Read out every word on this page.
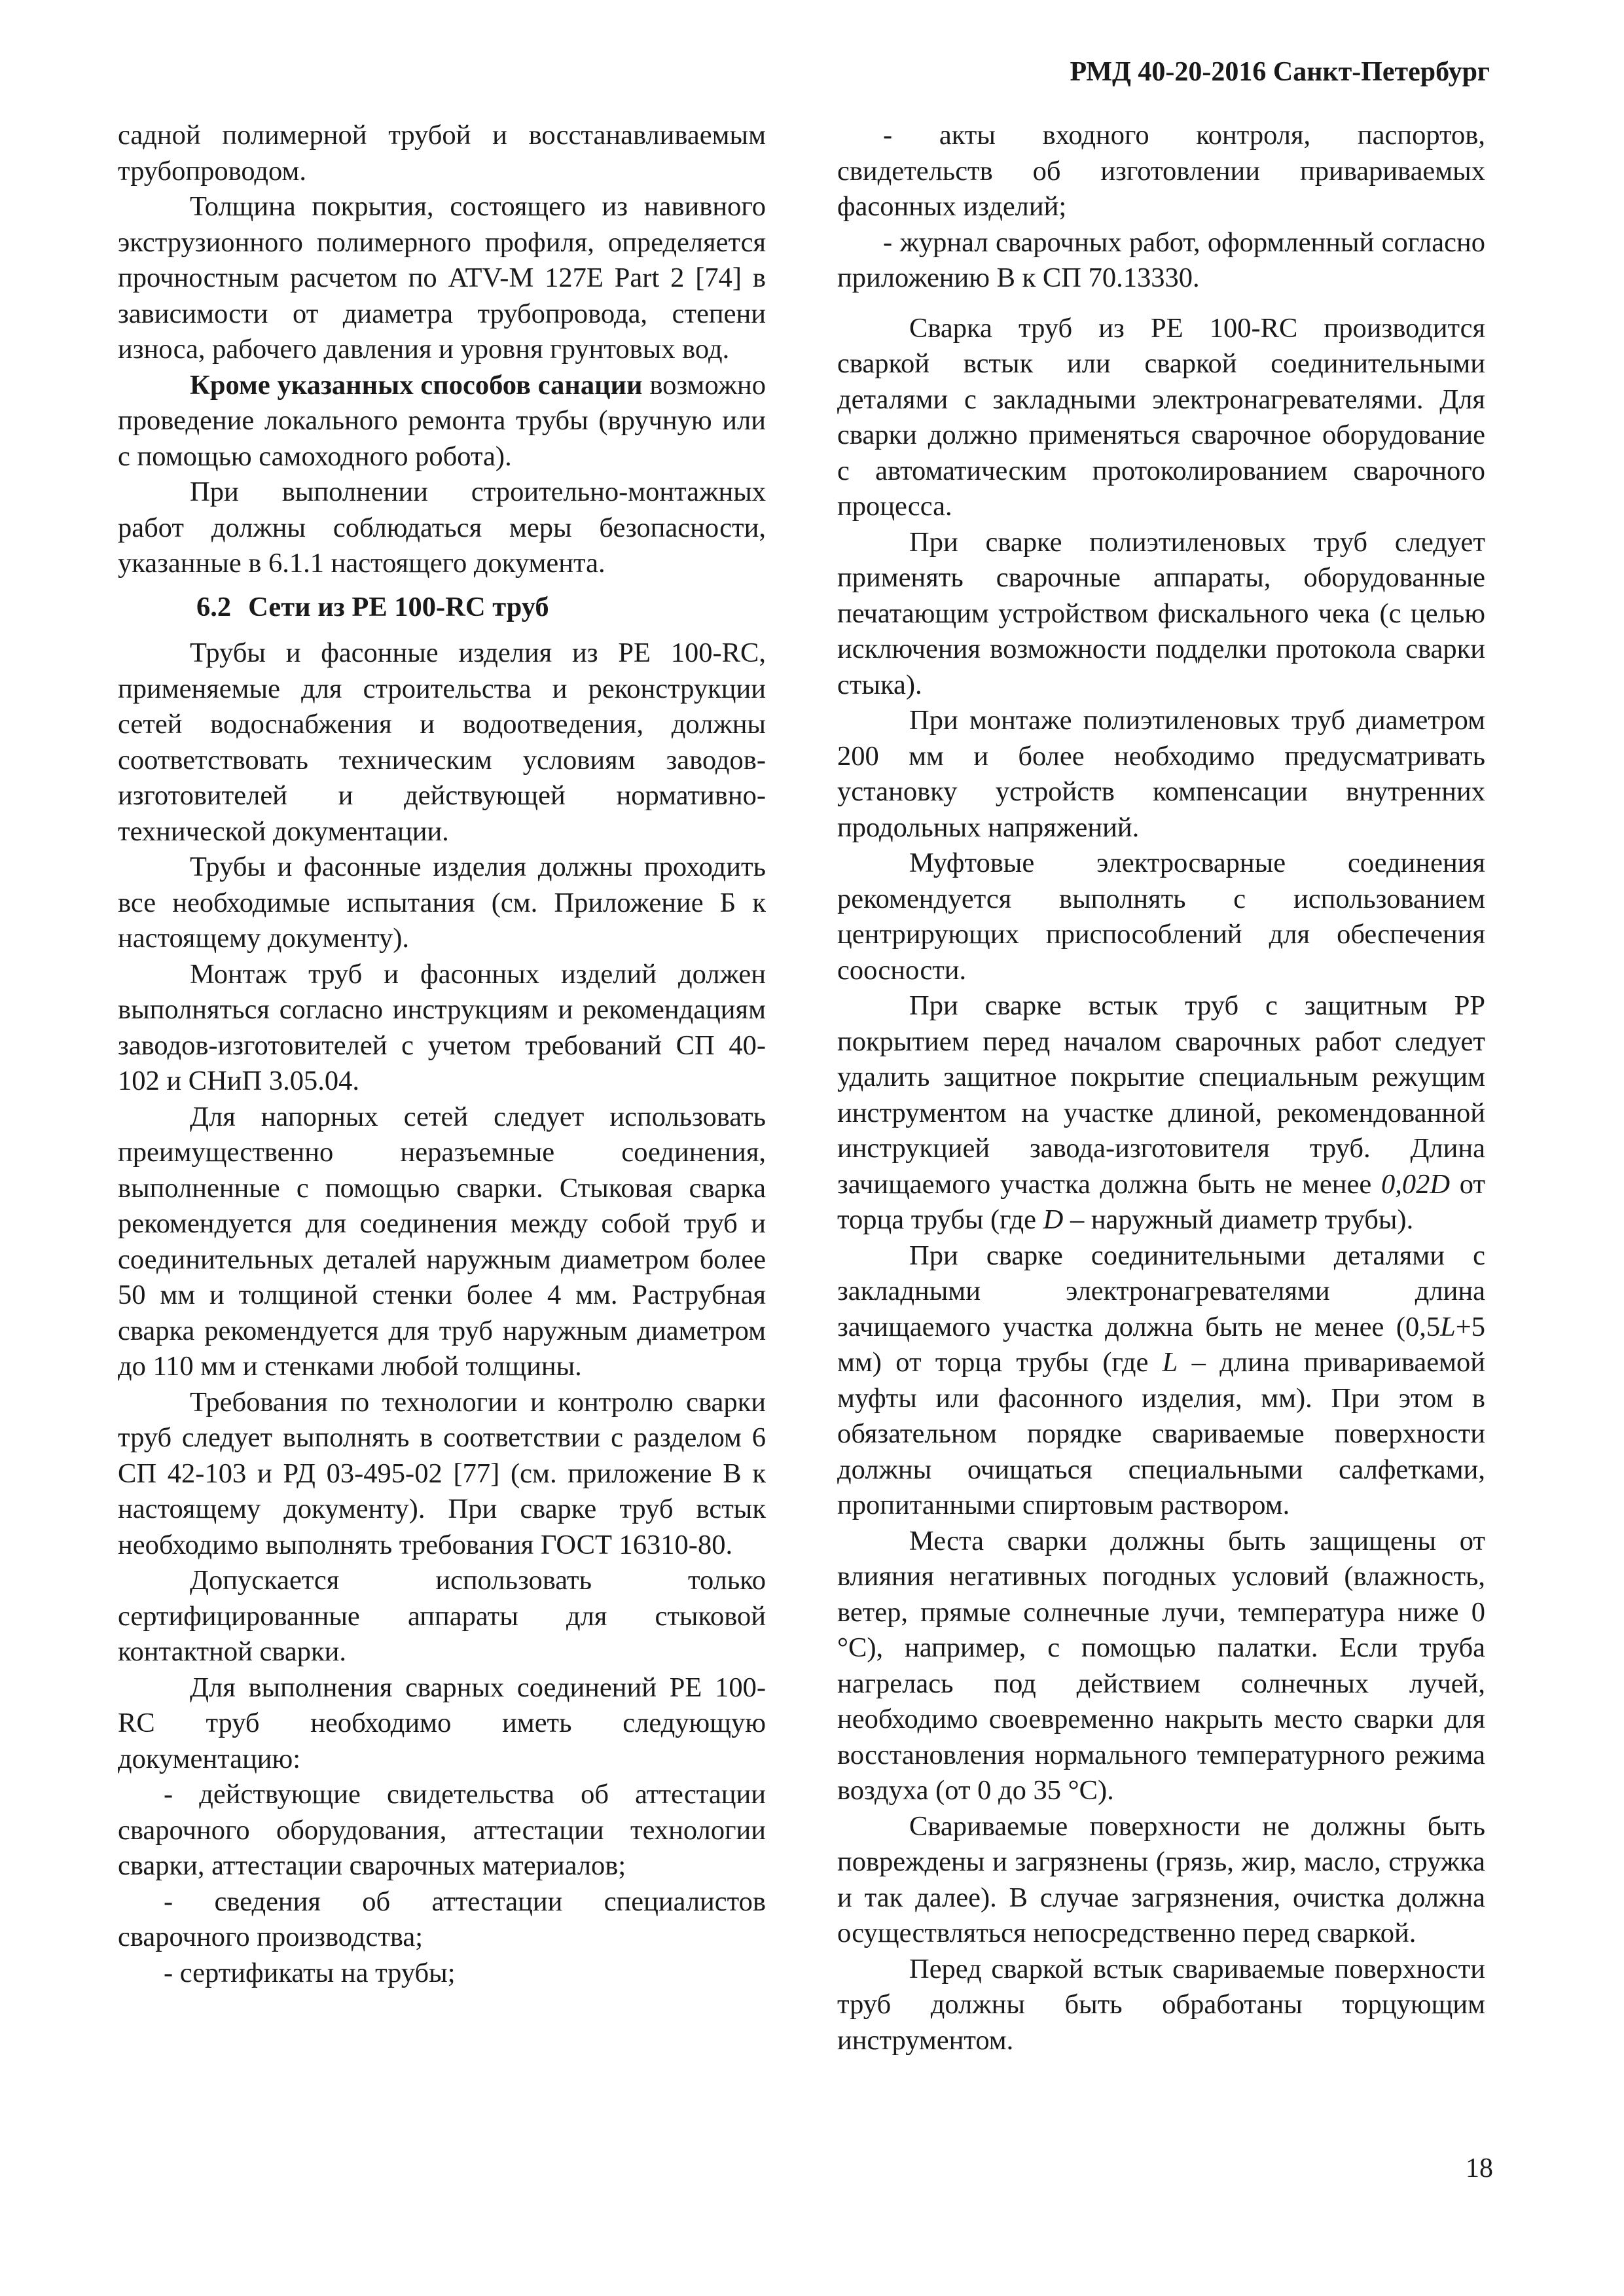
РМД 40-20-2016 Санкт-Петербург

садной полимерной трубой и восстанавливаемым трубопроводом.

Толщина покрытия, состоящего из навивного экструзионного полимерного профиля, определяется прочностным расчетом по ATV-M 127E Part 2 [74] в зависимости от диаметра трубопровода, степени износа, рабочего давления и уровня грунтовых вод.

Кроме указанных способов санации возможно проведение локального ремонта трубы (вручную или с помощью самоходного робота).

При выполнении строительно-монтажных работ должны соблюдаться меры безопасности, указанные в 6.1.1 настоящего документа.

6.2 Сети из PE 100-RC труб

Трубы и фасонные изделия из PE 100-RC, применяемые для строительства и реконструкции сетей водоснабжения и водоотведения, должны соответствовать техническим условиям заводов-изготовителей и действующей нормативно-технической документации.

Трубы и фасонные изделия должны проходить все необходимые испытания (см. Приложение Б к настоящему документу).

Монтаж труб и фасонных изделий должен выполняться согласно инструкциям и рекомендациям заводов-изготовителей с учетом требований СП 40-102 и СНиП 3.05.04.

Для напорных сетей следует использовать преимущественно неразъемные соединения, выполненные с помощью сварки. Стыковая сварка рекомендуется для соединения между собой труб и соединительных деталей наружным диаметром более 50 мм и толщиной стенки более 4 мм. Раструбная сварка рекомендуется для труб наружным диаметром до 110 мм и стенками любой толщины.

Требования по технологии и контролю сварки труб следует выполнять в соответствии с разделом 6 СП 42-103 и РД 03-495-02 [77] (см. приложение В к настоящему документу). При сварке труб встык необходимо выполнять требования ГОСТ 16310-80.

Допускается использовать только сертифицированные аппараты для стыковой контактной сварки.

Для выполнения сварных соединений PE 100-RC труб необходимо иметь следующую документацию:

- действующие свидетельства об аттестации сварочного оборудования, аттестации технологии сварки, аттестации сварочных материалов;

- сведения об аттестации специалистов сварочного производства;

- сертификаты на трубы;

- акты входного контроля, паспортов, свидетельств об изготовлении привариваемых фасонных изделий;

- журнал сварочных работ, оформленный согласно приложению В к СП 70.13330.

Сварка труб из PE 100-RC производится сваркой встык или сваркой соединительными деталями с закладными электронагревателями. Для сварки должно применяться сварочное оборудование с автоматическим протоколированием сварочного процесса.

При сварке полиэтиленовых труб следует применять сварочные аппараты, оборудованные печатающим устройством фискального чека (с целью исключения возможности подделки протокола сварки стыка).

При монтаже полиэтиленовых труб диаметром 200 мм и более необходимо предусматривать установку устройств компенсации внутренних продольных напряжений.

Муфтовые электросварные соединения рекомендуется выполнять с использованием центрирующих приспособлений для обеспечения соосности.

При сварке встык труб с защитным PP покрытием перед началом сварочных работ следует удалить защитное покрытие специальным режущим инструментом на участке длиной, рекомендованной инструкцией завода-изготовителя труб. Длина зачищаемого участка должна быть не менее 0,02D от торца трубы (где D – наружный диаметр трубы).

При сварке соединительными деталями с закладными электронагревателями длина зачищаемого участка должна быть не менее (0,5L+5 мм) от торца трубы (где L – длина привариваемой муфты или фасонного изделия, мм). При этом в обязательном порядке свариваемые поверхности должны очищаться специальными салфетками, пропитанными спиртовым раствором.

Места сварки должны быть защищены от влияния негативных погодных условий (влажность, ветер, прямые солнечные лучи, температура ниже 0 °С), например, с помощью палатки. Если труба нагрелась под действием солнечных лучей, необходимо своевременно накрыть место сварки для восстановления нормального температурного режима воздуха (от 0 до 35 °С).

Свариваемые поверхности не должны быть повреждены и загрязнены (грязь, жир, масло, стружка и так далее). В случае загрязнения, очистка должна осуществляться непосредственно перед сваркой.

Перед сваркой встык свариваемые поверхности труб должны быть обработаны торцующим инструментом.

18
